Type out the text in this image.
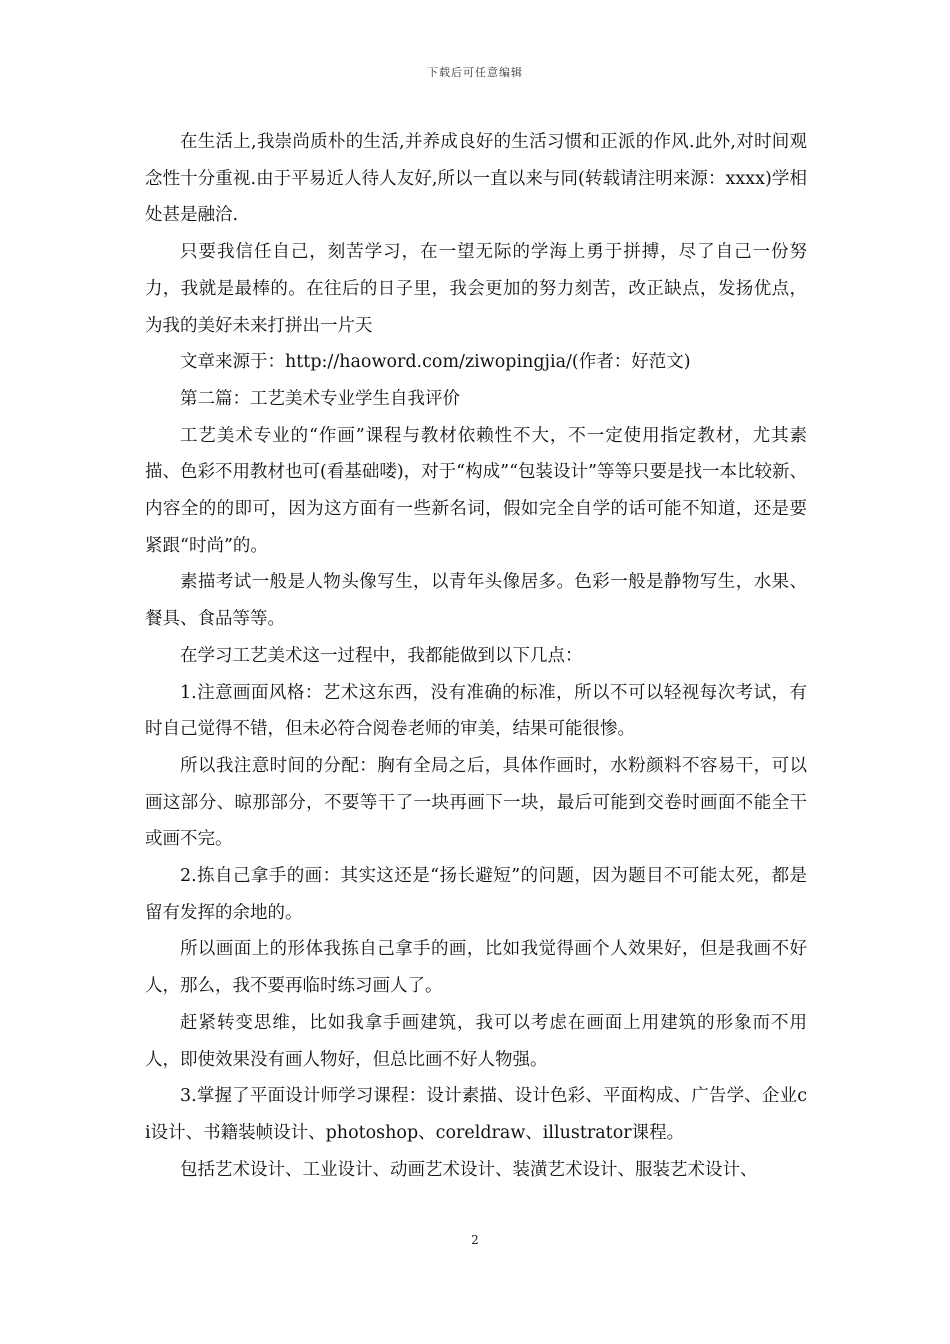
下载后可任意编辑

在生活上,我崇尚质朴的生活,并养成良好的生活习惯和正派的作风.此外,对时间观念性十分重视.由于平易近人待人友好,所以一直以来与同(转载请注明来源：xxxx)学相处甚是融洽.

只要我信任自己，刻苦学习，在一望无际的学海上勇于拼搏，尽了自己一份努力，我就是最棒的。在往后的日子里，我会更加的努力刻苦，改正缺点，发扬优点，为我的美好未来打拼出一片天

文章来源于：http://haoword.com/ziwopingjia/(作者：好范文)

第二篇：工艺美术专业学生自我评价

工艺美术专业的“作画”课程与教材依赖性不大，不一定使用指定教材，尤其素描、色彩不用教材也可(看基础喽)，对于“构成”“包装设计”等等只要是找一本比较新、内容全的的即可，因为这方面有一些新名词，假如完全自学的话可能不知道，还是要紧跟“时尚”的。

素描考试一般是人物头像写生，以青年头像居多。色彩一般是静物写生，水果、餐具、食品等等。

在学习工艺美术这一过程中，我都能做到以下几点：

1.注意画面风格：艺术这东西，没有准确的标准，所以不可以轻视每次考试，有时自己觉得不错，但未必符合阅卷老师的审美，结果可能很惨。

所以我注意时间的分配：胸有全局之后，具体作画时，水粉颜料不容易干，可以画这部分、晾那部分，不要等干了一块再画下一块，最后可能到交卷时画面不能全干或画不完。

2.拣自己拿手的画：其实这还是“扬长避短”的问题，因为题目不可能太死，都是留有发挥的余地的。

所以画面上的形体我拣自己拿手的画，比如我觉得画个人效果好，但是我画不好人，那么，我不要再临时练习画人了。

赶紧转变思维，比如我拿手画建筑，我可以考虑在画面上用建筑的形象而不用人，即使效果没有画人物好，但总比画不好人物强。

3.掌握了平面设计师学习课程：设计素描、设计色彩、平面构成、广告学、企业ci设计、书籍装帧设计、photoshop、coreldraw、illustrator课程。

包括艺术设计、工业设计、动画艺术设计、装潢艺术设计、服装艺术设计、

2
